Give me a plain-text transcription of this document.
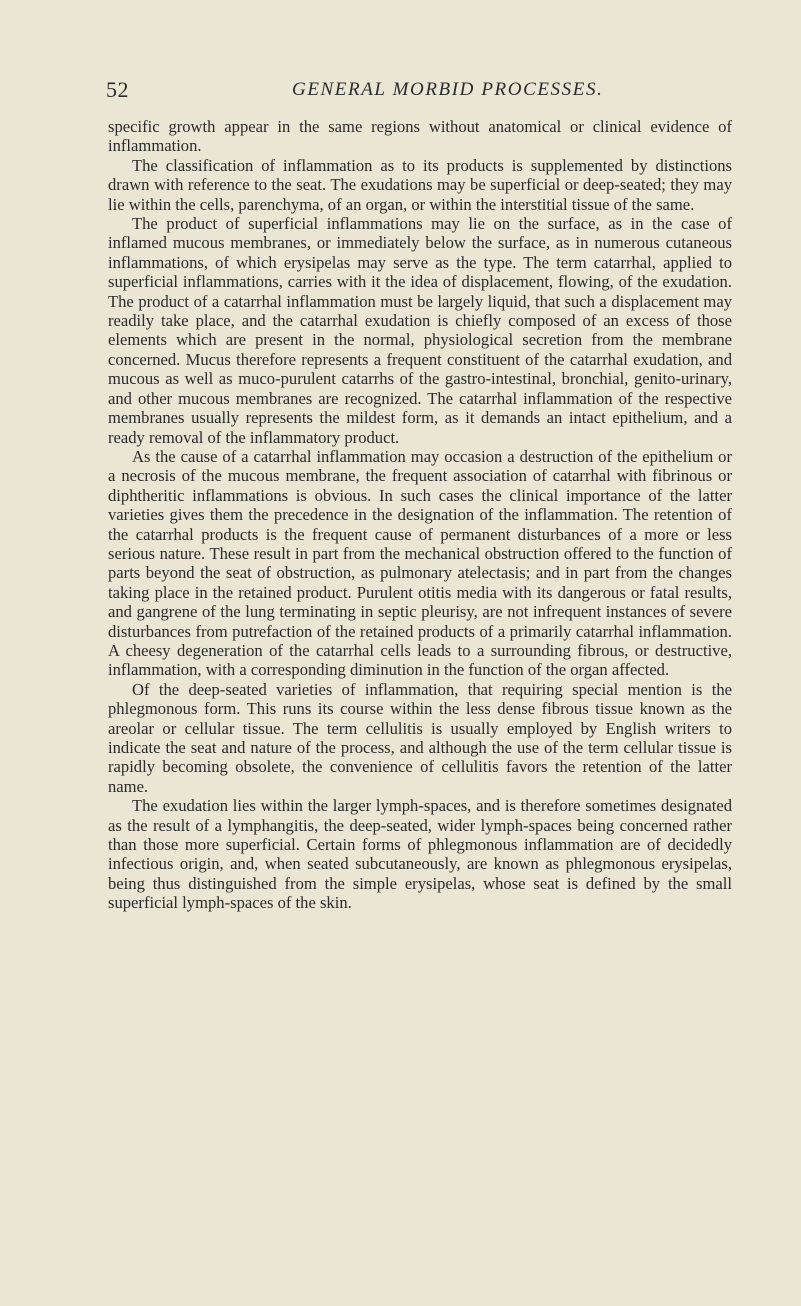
52	GENERAL MORBID PROCESSES.

specific growth appear in the same regions without anatomical or clinical evidence of inflammation.

The classification of inflammation as to its products is supplemented by distinctions drawn with reference to the seat. The exudations may be superficial or deep-seated; they may lie within the cells, parenchyma, of an organ, or within the interstitial tissue of the same.

The product of superficial inflammations may lie on the surface, as in the case of inflamed mucous membranes, or immediately below the surface, as in numerous cutaneous inflammations, of which erysipelas may serve as the type. The term catarrhal, applied to superficial inflammations, carries with it the idea of displacement, flowing, of the exudation. The product of a catarrhal inflammation must be largely liquid, that such a displacement may readily take place, and the catarrhal exudation is chiefly composed of an excess of those elements which are present in the normal, physiological secretion from the membrane concerned. Mucus therefore represents a frequent constituent of the catarrhal exudation, and mucous as well as muco-purulent catarrhs of the gastro-intestinal, bronchial, genito-urinary, and other mucous membranes are recognized. The catarrhal inflammation of the respective membranes usually represents the mildest form, as it demands an intact epithelium, and a ready removal of the inflammatory product.

As the cause of a catarrhal inflammation may occasion a destruction of the epithelium or a necrosis of the mucous membrane, the frequent association of catarrhal with fibrinous or diphtheritic inflammations is obvious. In such cases the clinical importance of the latter varieties gives them the precedence in the designation of the inflammation. The retention of the catarrhal products is the frequent cause of permanent disturbances of a more or less serious nature. These result in part from the mechanical obstruction offered to the function of parts beyond the seat of obstruction, as pulmonary atelectasis; and in part from the changes taking place in the retained product. Purulent otitis media with its dangerous or fatal results, and gangrene of the lung terminating in septic pleurisy, are not infrequent instances of severe disturbances from putrefaction of the retained products of a primarily catarrhal inflammation. A cheesy degeneration of the catarrhal cells leads to a surrounding fibrous, or destructive, inflammation, with a corresponding diminution in the function of the organ affected.

Of the deep-seated varieties of inflammation, that requiring special mention is the phlegmonous form. This runs its course within the less dense fibrous tissue known as the areolar or cellular tissue. The term cellulitis is usually employed by English writers to indicate the seat and nature of the process, and although the use of the term cellular tissue is rapidly becoming obsolete, the convenience of cellulitis favors the retention of the latter name.

The exudation lies within the larger lymph-spaces, and is therefore sometimes designated as the result of a lymphangitis, the deep-seated, wider lymph-spaces being concerned rather than those more superficial. Certain forms of phlegmonous inflammation are of decidedly infectious origin, and, when seated subcutaneously, are known as phlegmonous erysipelas, being thus distinguished from the simple erysipelas, whose seat is defined by the small superficial lymph-spaces of the skin.
